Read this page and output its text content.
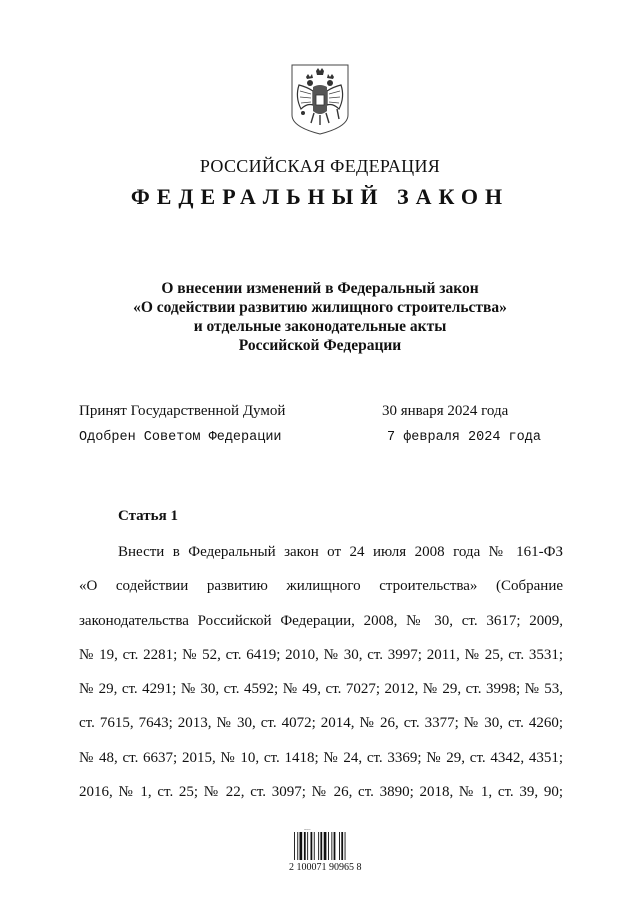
РОССИЙСКАЯ ФЕДЕРАЦИЯ
ФЕДЕРАЛЬНЫЙ ЗАКОН
О внесении изменений в Федеральный закон
«О содействии развитию жилищного строительства»
и отдельные законодательные акты
Российской Федерации
Принят Государственной Думой	30 января 2024 года
Одобрен Советом Федерации	7 февраля 2024 года
Статья 1
Внести в Федеральный закон от 24 июля 2008 года № 161-ФЗ
«О содействии развитию жилищного строительства» (Собрание
законодательства Российской Федерации, 2008, № 30, ст. 3617; 2009,
№ 19, ст. 2281; № 52, ст. 6419; 2010, № 30, ст. 3997; 2011, № 25, ст. 3531;
№ 29, ст. 4291; № 30, ст. 4592; № 49, ст. 7027; 2012, № 29, ст. 3998; № 53,
ст. 7615, 7643; 2013, № 30, ст. 4072; 2014, № 26, ст. 3377; № 30, ст. 4260;
№ 48, ст. 6637; 2015, № 10, ст. 1418; № 24, ст. 3369; № 29, ст. 4342, 4351;
2016, № 1, ст. 25; № 22, ст. 3097; № 26, ст. 3890; 2018, № 1, ст. 39, 90;
~~~
2 100071 90965 8
